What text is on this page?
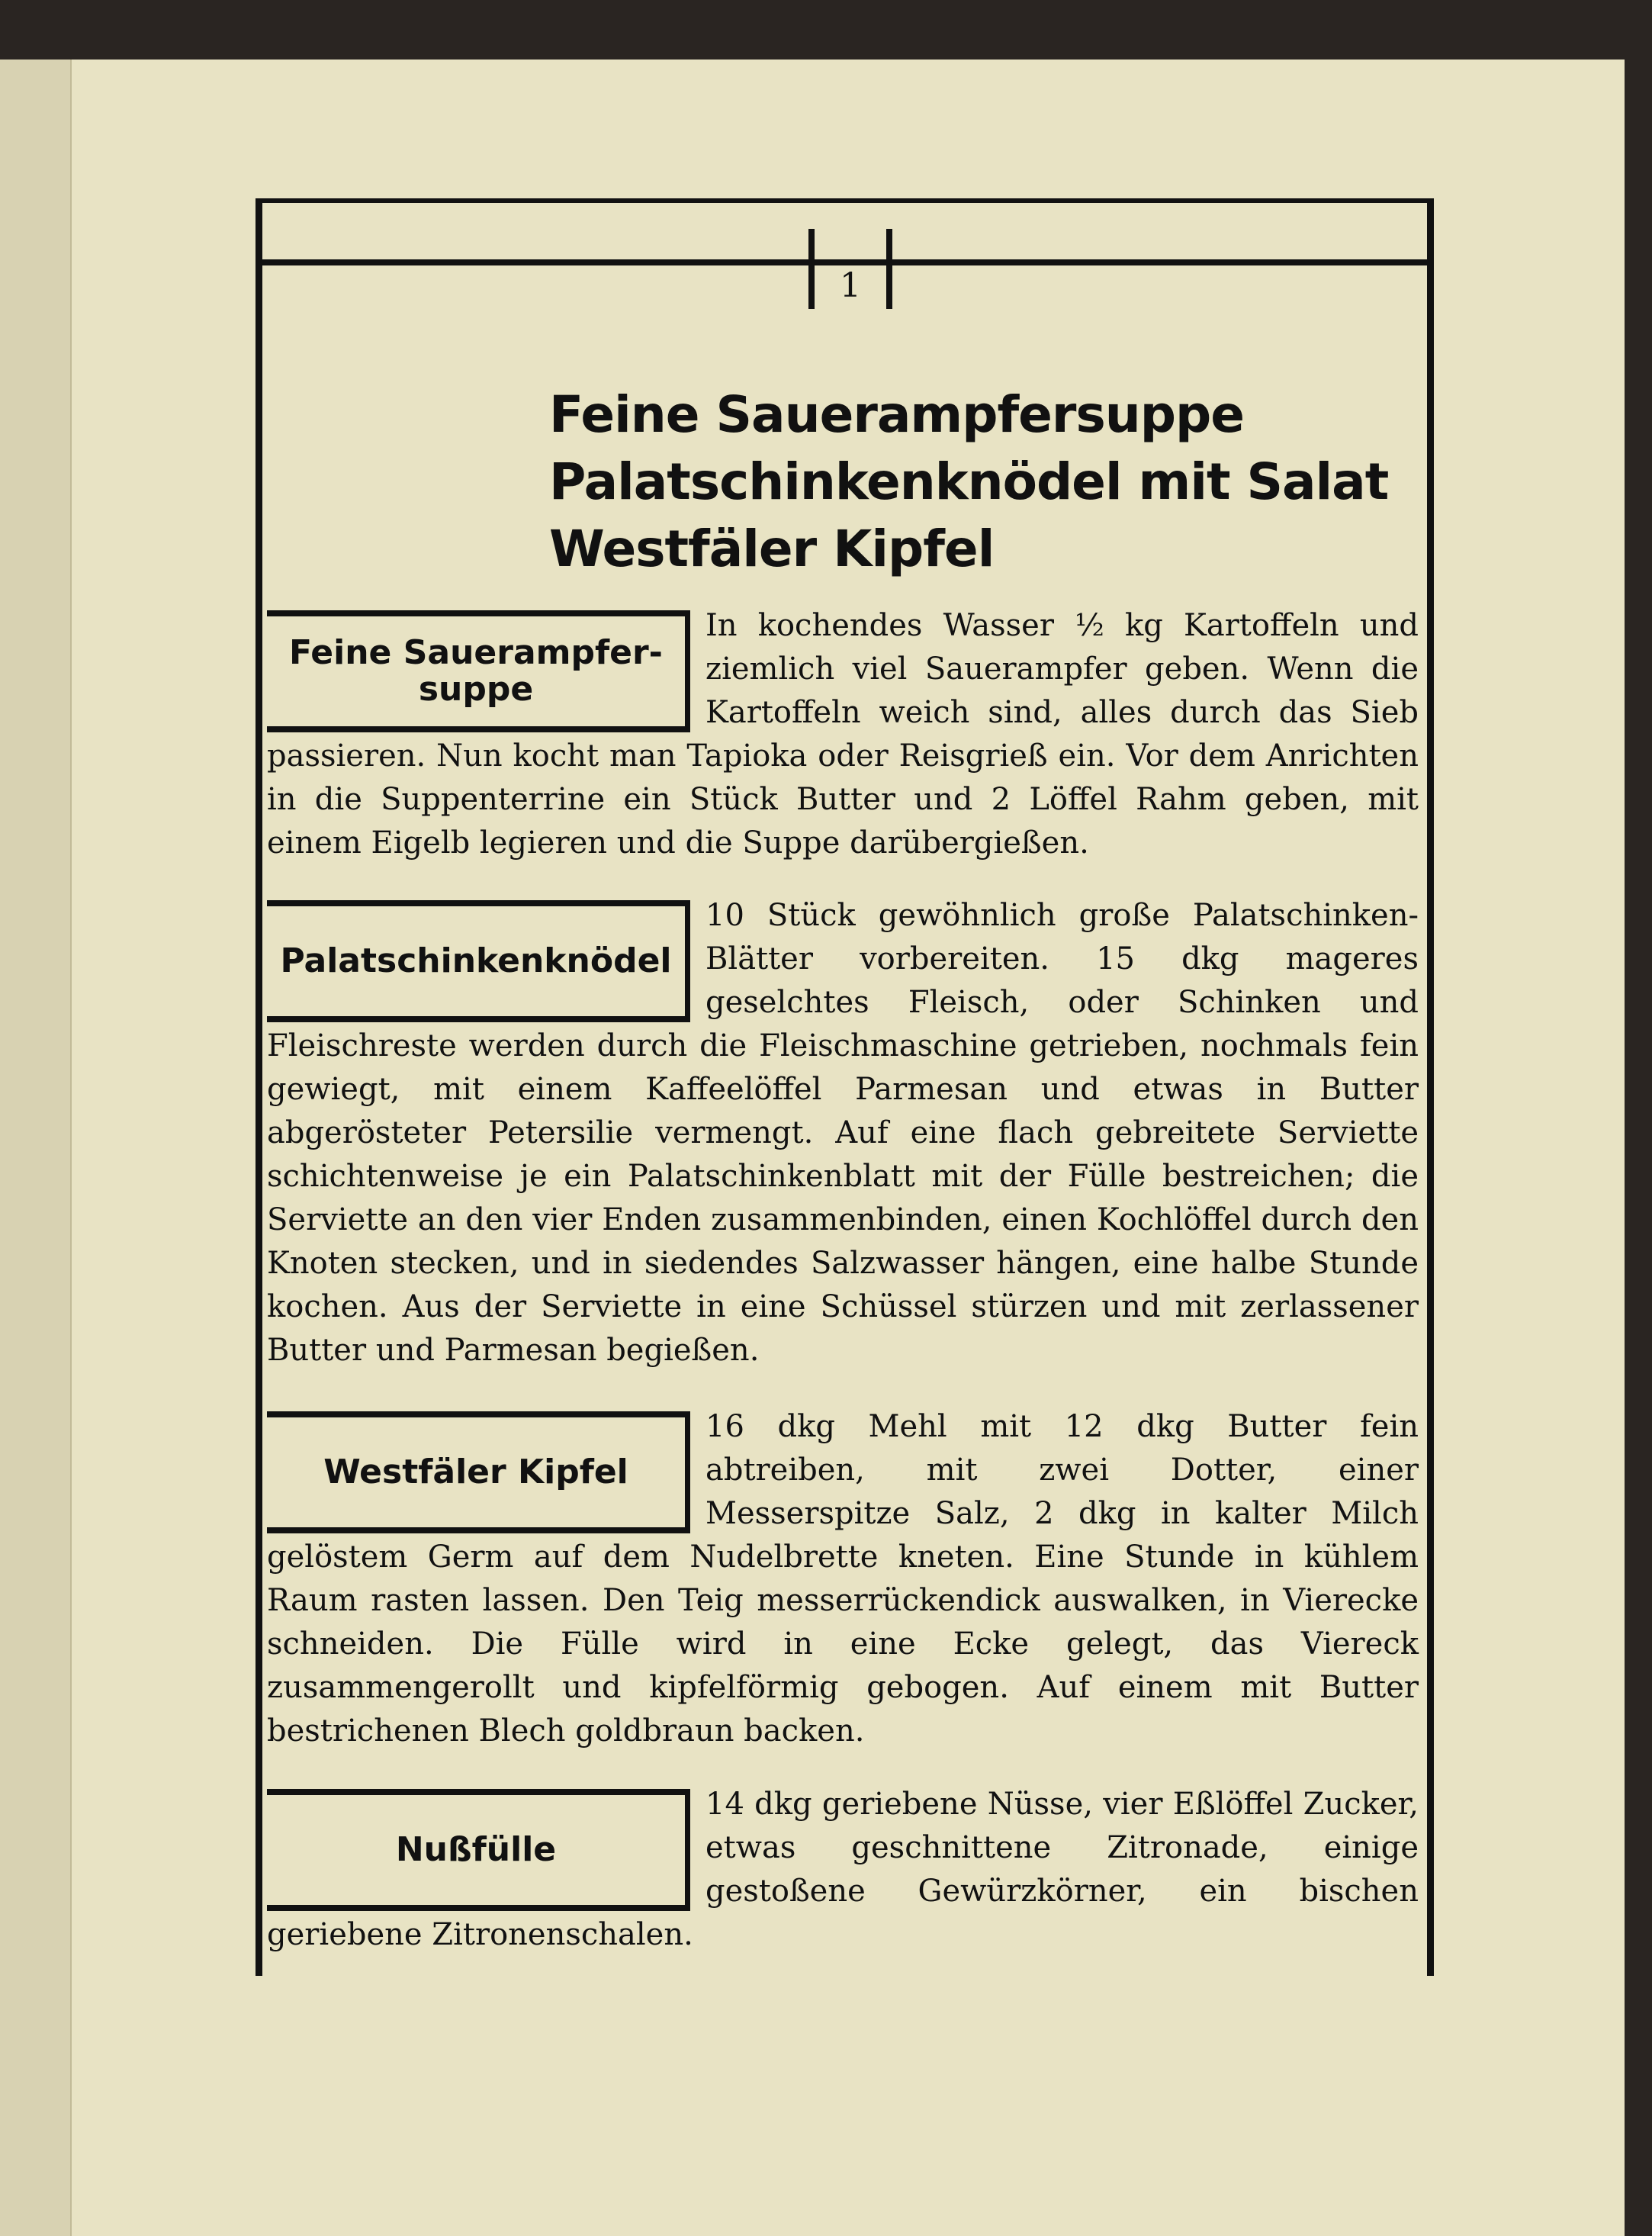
1
Feine Sauerampfersuppe
Palatschinkenknödel mit Salat
Westfäler Kipfel
Feine Sauerampfer-suppe

In kochendes Wasser ½ kg Kartoffeln und ziemlich viel Sauerampfer geben. Wenn die Kartoffeln weich sind, alles durch das Sieb passieren. Nun kocht man Tapioka oder Reisgrieß ein. Vor dem Anrichten in die Suppenterrine ein Stück Butter und 2 Löffel Rahm geben, mit einem Eigelb legieren und die Suppe darübergießen.

Palatschinkenknödel

10 Stück gewöhnlich große Palatschinken-Blätter vorbereiten. 15 dkg mageres geselchtes Fleisch, oder Schinken und Fleischreste werden durch die Fleischmaschine getrieben, nochmals fein gewiegt, mit einem Kaffeelöffel Parmesan und etwas in Butter abgeröstеter Petersilie vermengt. Auf eine flach gebreitete Serviette schichtenweise je ein Palatschinkenblatt mit der Fülle bestreichen; die Serviette an den vier Enden zusammenbinden, einen Kochlöffel durch den Knoten stecken, und in siedendes Salzwasser hängen, eine halbe Stunde kochen. Aus der Serviette in eine Schüssel stürzen und mit zerlassener Butter und Parmesan begießen.

Westfäler Kipfel

16 dkg Mehl mit 12 dkg Butter fein abtreiben, mit zwei Dotter, einer Messerspitze Salz, 2 dkg in kalter Milch gelöstem Germ auf dem Nudelbrette kneten. Eine Stunde in kühlem Raum rasten lassen. Den Teig messerrückendick auswalken, in Vierecke schneiden. Die Fülle wird in eine Ecke gelegt, das Viereck zusammengerollt und kipfelförmig gebogen. Auf einem mit Butter bestrichenen Blech goldbraun backen.

Nußfülle

14 dkg geriebene Nüsse, vier Eßlöffel Zucker, etwas geschnittene Zitronade, einige gestoßene Gewürzkörner, ein bischen geriebene Zitronenschalen.
